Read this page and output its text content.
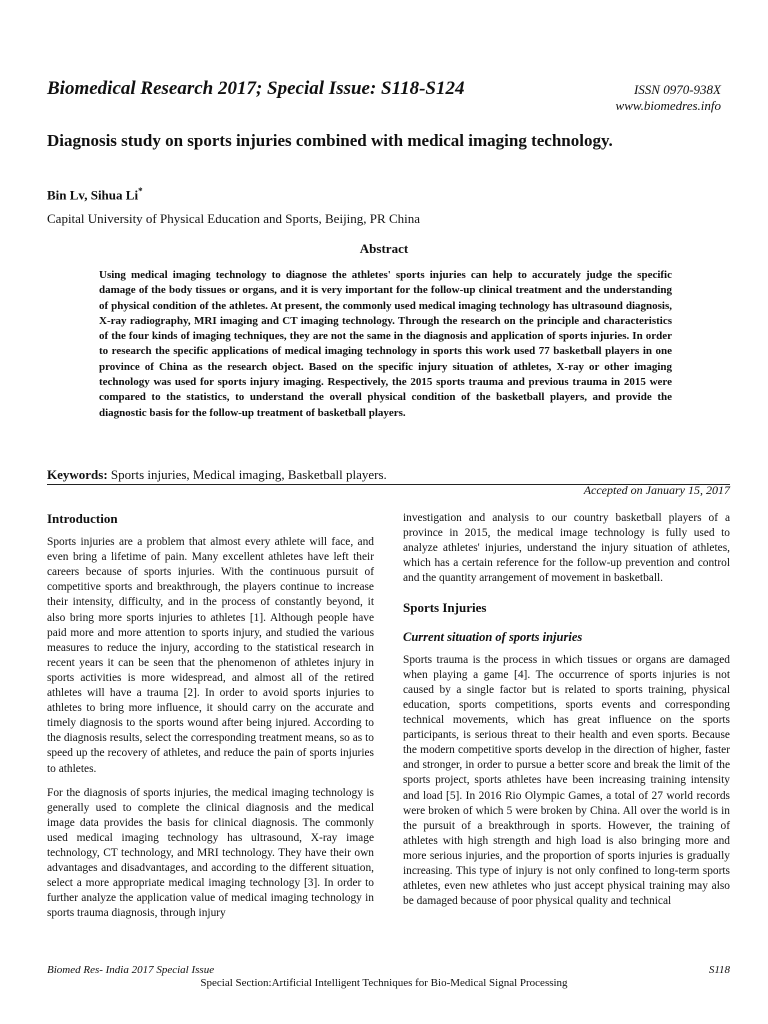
Biomedical Research 2017; Special Issue: S118-S124	ISSN 0970-938X
www.biomedres.info
Diagnosis study on sports injuries combined with medical imaging technology.
Bin Lv, Sihua Li*
Capital University of Physical Education and Sports, Beijing, PR China
Abstract
Using medical imaging technology to diagnose the athletes' sports injuries can help to accurately judge the specific damage of the body tissues or organs, and it is very important for the follow-up clinical treatment and the understanding of physical condition of the athletes. At present, the commonly used medical imaging technology has ultrasound diagnosis, X-ray radiography, MRI imaging and CT imaging technology. Through the research on the principle and characteristics of the four kinds of imaging techniques, they are not the same in the diagnosis and application of sports injuries. In order to research the specific applications of medical imaging technology in sports this work used 77 basketball players in one province of China as the research object. Based on the specific injury situation of athletes, X-ray or other imaging technology was used for sports injury imaging. Respectively, the 2015 sports trauma and previous trauma in 2015 were compared to the statistics, to understand the overall physical condition of the basketball players, and provide the diagnostic basis for the follow-up treatment of basketball players.
Keywords: Sports injuries, Medical imaging, Basketball players.
Accepted on January 15, 2017
Introduction

Sports injuries are a problem that almost every athlete will face, and even bring a lifetime of pain. Many excellent athletes have left their careers because of sports injuries. With the continuous pursuit of competitive sports and breakthrough, the players continue to increase their intensity, difficulty, and in the process of constantly beyond, it also bring more sports injuries to athletes [1]. Although people have paid more and more attention to sports injury, and studied the various measures to reduce the injury, according to the statistical research in recent years it can be seen that the phenomenon of athletes injury in sports activities is more widespread, and almost all of the retired athletes will have a trauma [2]. In order to avoid sports injuries to athletes to bring more influence, it should carry on the accurate and timely diagnosis to the sports wound after being injured. According to the diagnosis results, select the corresponding treatment means, so as to speed up the recovery of athletes, and reduce the pain of sports injuries to athletes.

For the diagnosis of sports injuries, the medical imaging technology is generally used to complete the clinical diagnosis and the medical image data provides the basis for clinical diagnosis. The commonly used medical imaging technology has ultrasound, X-ray image technology, CT technology, and MRI technology. They have their own advantages and disadvantages, and according to the different situation, select a more appropriate medical imaging technology [3]. In order to further analyze the application value of medical imaging technology in sports trauma diagnosis, through injury

investigation and analysis to our country basketball players of a province in 2015, the medical image technology is fully used to analyze athletes' injuries, understand the injury situation of athletes, which has a certain reference for the follow-up prevention and control and the quantity arrangement of movement in basketball.

Sports Injuries
Current situation of sports injuries

Sports trauma is the process in which tissues or organs are damaged when playing a game [4]. The occurrence of sports injuries is not caused by a single factor but is related to sports training, physical education, sports competitions, sports events and corresponding technical movements, which has great influence on the sports participants, is serious threat to their health and even sports. Because the modern competitive sports develop in the direction of higher, faster and stronger, in order to pursue a better score and break the limit of the sports project, sports athletes have been increasing training intensity and load [5]. In 2016 Rio Olympic Games, a total of 27 world records were broken of which 5 were broken by China. All over the world is in the pursuit of a breakthrough in sports. However, the training of athletes with high strength and high load is also bringing more and more serious injuries, and the proportion of sports injuries is gradually increasing. This type of injury is not only confined to long-term sports athletes, even new athletes who just accept physical training may also be damaged because of poor physical quality and technical

Biomed Res- India 2017 Special Issue	S118
Special Section:Artificial Intelligent Techniques for Bio-Medical Signal Processing
